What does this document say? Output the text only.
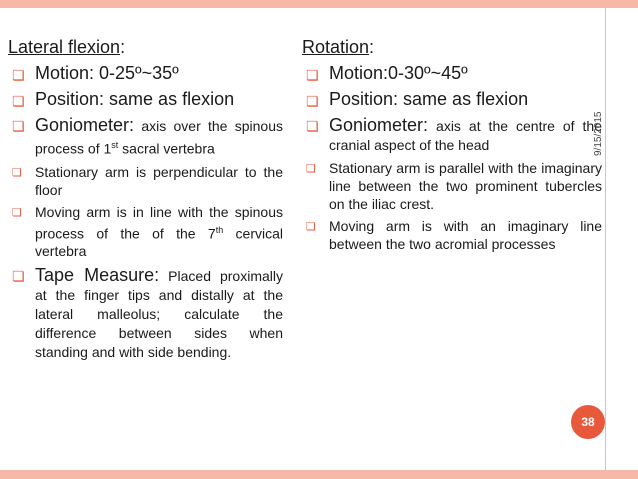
Lateral flexion:
❏ Motion: 0-25º~35º
❏ Position: same as flexion
❏ Goniometer: axis over the spinous process of 1st sacral vertebra
❏ Stationary arm is perpendicular to the floor
❏ Moving arm is in line with the spinous process of the of the 7th cervical vertebra
❏ Tape Measure: Placed proximally at the finger tips and distally at the lateral malleolus; calculate the difference between sides when standing and with side bending.
Rotation:
❏ Motion:0-30º~45º
❏ Position: same as flexion
❏ Goniometer: axis at the centre of the cranial aspect of the head
❏ Stationary arm is parallel with the imaginary line between the two prominent tubercles on the iliac crest.
❏ Moving arm is with an imaginary line between the two acromial processes
9/15/2015
38
